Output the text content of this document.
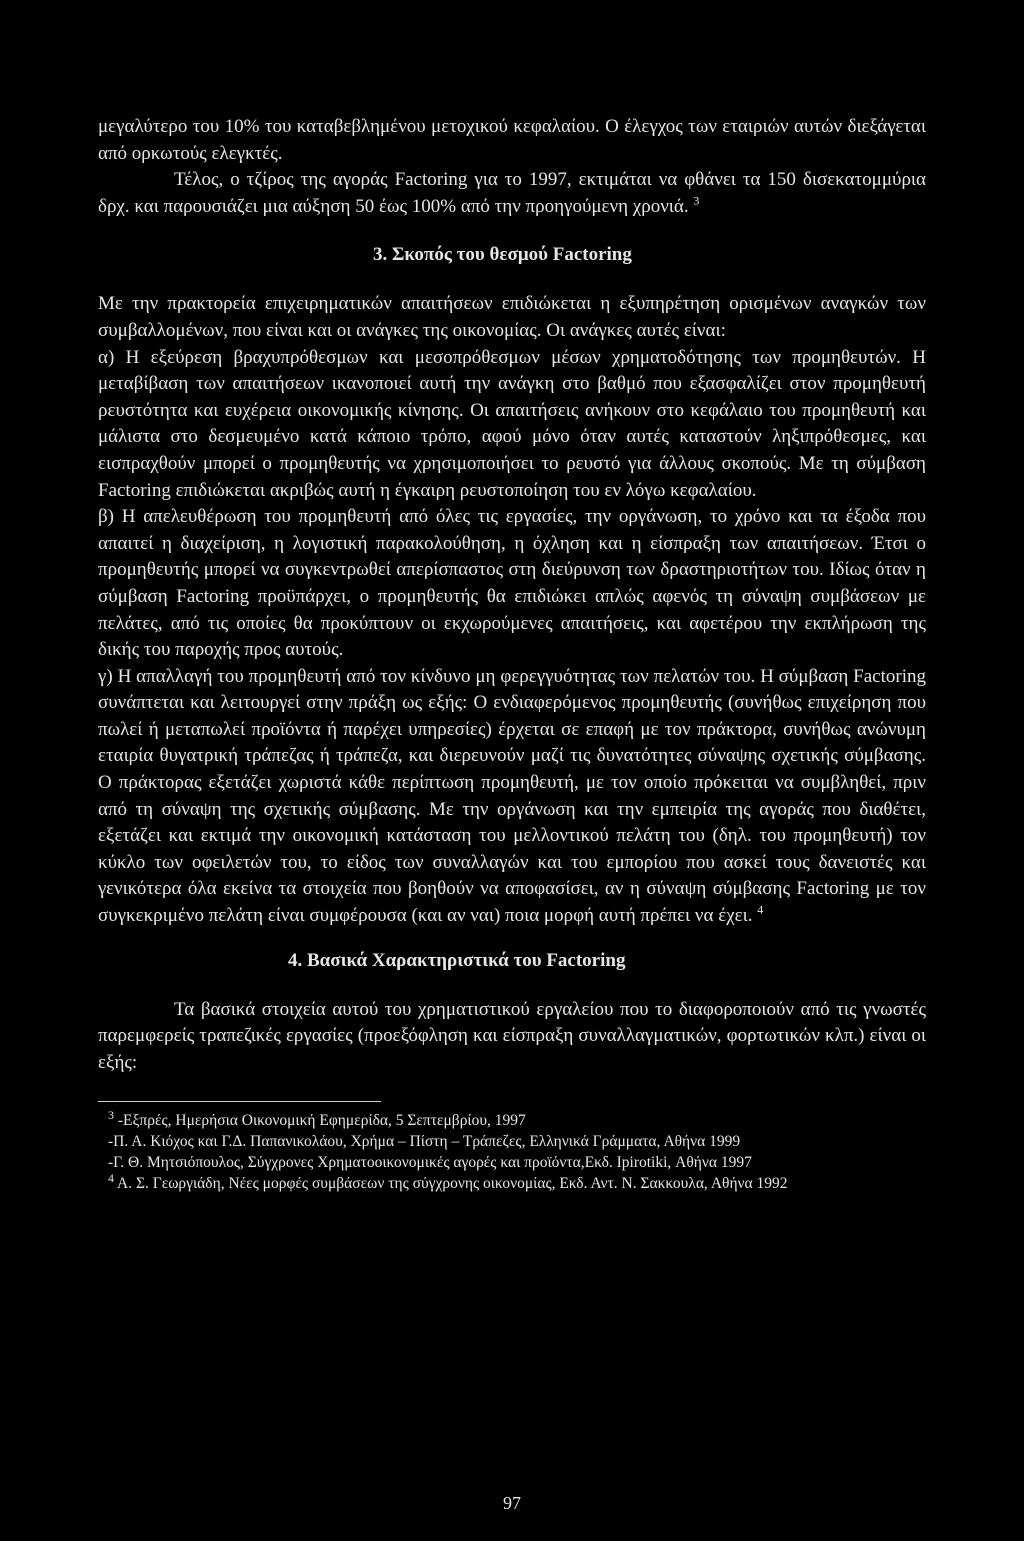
μεγαλύτερο του 10% του καταβεβλημένου μετοχικού κεφαλαίου. Ο έλεγχος των εταιριών αυτών διεξάγεται από ορκωτούς ελεγκτές.

Τέλος, ο τζίρος της αγοράς Factoring για το 1997, εκτιμάται να φθάνει τα 150 δισεκατομμύρια δρχ. και παρουσιάζει μια αύξηση 50 έως 100% από την προηγούμενη χρονιά. $^3$

3. Σκοπός του θεσμού Factoring

Με την πρακτορεία επιχειρηματικών απαιτήσεων επιδιώκεται η εξυπηρέτηση ορισμένων αναγκών των συμβαλλομένων, που είναι και οι ανάγκες της οικονομίας. Οι ανάγκες αυτές είναι:

α) Η εξεύρεση βραχυπρόθεσμων και μεσοπρόθεσμων μέσων χρηματοδότησης των προμηθευτών. Η μεταβίβαση των απαιτήσεων ικανοποιεί αυτή την ανάγκη στο βαθμό που εξασφαλίζει στον προμηθευτή ρευστότητα και ευχέρεια οικονομικής κίνησης. Οι απαιτήσεις ανήκουν στο κεφάλαιο του προμηθευτή και μάλιστα στο δεσμευμένο κατά κάποιο τρόπο, αφού μόνο όταν αυτές καταστούν ληξιπρόθεσμες, και εισπραχθούν μπορεί ο προμηθευτής να χρησιμοποιήσει το ρευστό για άλλους σκοπούς. Με τη σύμβαση Factoring επιδιώκεται ακριβώς αυτή η έγκαιρη ρευστοποίηση του εν λόγω κεφαλαίου.

β) Η απελευθέρωση του προμηθευτή από όλες τις εργασίες, την οργάνωση, το χρόνο και τα έξοδα που απαιτεί η διαχείριση, η λογιστική παρακολούθηση, η όχληση και η είσπραξη των απαιτήσεων. Έτσι ο προμηθευτής μπορεί να συγκεντρωθεί απερίσπαστος στη διεύρυνση των δραστηριοτήτων του. Ιδίως όταν η σύμβαση Factoring προϋπάρχει, ο προμηθευτής θα επιδιώκει απλώς αφενός τη σύναψη συμβάσεων με πελάτες, από τις οποίες θα προκύπτουν οι εκχωρούμενες απαιτήσεις, και αφετέρου την εκπλήρωση της δικής του παροχής προς αυτούς.

γ) Η απαλλαγή του προμηθευτή από τον κίνδυνο μη φερεγγυότητας των πελατών του. Η σύμβαση Factoring συνάπτεται και λειτουργεί στην πράξη ως εξής: Ο ενδιαφερόμενος προμηθευτής (συνήθως επιχείρηση που πωλεί ή μεταπωλεί προϊόντα ή παρέχει υπηρεσίες) έρχεται σε επαφή με τον πράκτορα, συνήθως ανώνυμη εταιρία θυγατρική τράπεζας ή τράπεζα, και διερευνούν μαζί τις δυνατότητες σύναψης σχετικής σύμβασης. Ο πράκτορας εξετάζει χωριστά κάθε περίπτωση προμηθευτή, με τον οποίο πρόκειται να συμβληθεί, πριν από τη σύναψη της σχετικής σύμβασης. Με την οργάνωση και την εμπειρία της αγοράς που διαθέτει, εξετάζει και εκτιμά την οικονομική κατάσταση του μελλοντικού πελάτη του (δηλ. του προμηθευτή) τον κύκλο των οφειλετών του, το είδος των συναλλαγών και του εμπορίου που ασκεί τους δανειστές και γενικότερα όλα εκείνα τα στοιχεία που βοηθούν να αποφασίσει, αν η σύναψη σύμβασης Factoring με τον συγκεκριμένο πελάτη είναι συμφέρουσα (και αν ναι) ποια μορφή αυτή πρέπει να έχει. $^4$

4. Βασικά Χαρακτηριστικά του Factoring

Τα βασικά στοιχεία αυτού του χρηματιστικού εργαλείου που το διαφοροποιούν από τις γνωστές παρεμφερείς τραπεζικές εργασίες (προεξόφληση και είσπραξη συναλλαγματικών, φορτωτικών κλπ.) είναι οι εξής:

$^3$ -Εξπρές, Ημερήσια Οικονομική Εφημερίδα, 5 Σεπτεμβρίου, 1997

-Π. Α. Κιόχος και Γ.Δ. Παπανικολάου, Χρήμα – Πίστη – Τράπεζες, Ελληνικά Γράμματα, Αθήνα 1999

-Γ. Θ. Μητσιόπουλος, Σύγχρονες Χρηματοοικονομικές αγορές και προϊόντα,Εκδ. Ipirotiki, Αθήνα 1997

$^4$ Α. Σ. Γεωργιάδη, Νέες μορφές συμβάσεων της σύγχρονης οικονομίας, Εκδ. Αντ. Ν. Σακκουλα, Αθήνα 1992

97
